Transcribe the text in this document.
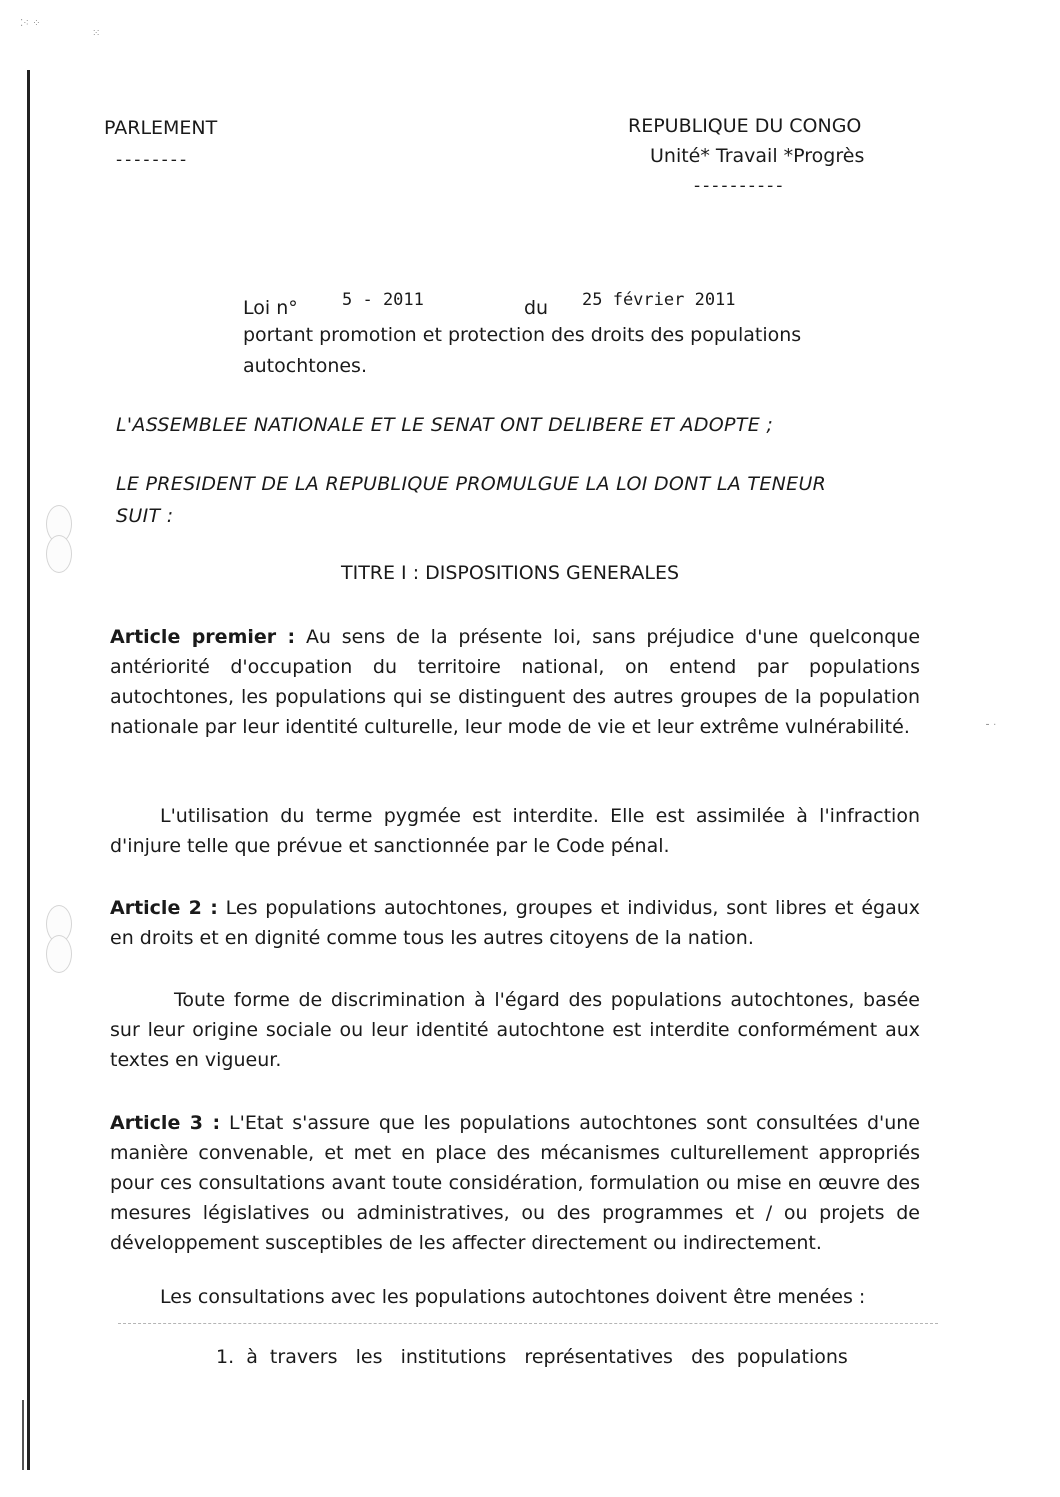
⁚⁖ ⁘
⁙
⁃ ·
PARLEMENT
--------
REPUBLIQUE DU CONGO
Unité* Travail *Progrès
----------
Loi n°	5 - 2011	du 25 février 2011
portant promotion et protection des droits des populations
autochtones.
L'ASSEMBLEE NATIONALE ET LE SENAT ONT DELIBERE ET ADOPTE ;
LE PRESIDENT DE LA REPUBLIQUE PROMULGUE LA LOI DONT LA TENEUR
SUIT :
TITRE I : DISPOSITIONS GENERALES
Article premier : Au sens de la présente loi, sans préjudice d'une quelconque antériorité d'occupation du territoire national, on entend par populations autochtones, les populations qui se distinguent des autres groupes de la population nationale par leur identité culturelle, leur mode de vie et leur extrême vulnérabilité.
L'utilisation du terme pygmée est interdite. Elle est assimilée à l'infraction d'injure telle que prévue et sanctionnée par le Code pénal.
Article 2 : Les populations autochtones, groupes et individus, sont libres et égaux en droits et en dignité comme tous les autres citoyens de la nation.
Toute forme de discrimination à l'égard des populations autochtones, basée sur leur origine sociale ou leur identité autochtone est interdite conformément aux textes en vigueur.
Article 3 : L'Etat s'assure que les populations autochtones sont consultées d'une manière convenable, et met en place des mécanismes culturellement appropriés pour ces consultations avant toute considération, formulation ou mise en œuvre des mesures législatives ou administratives, ou des programmes et / ou projets de développement susceptibles de les affecter directement ou indirectement.
Les consultations avec les populations autochtones doivent être menées :
1.  à  travers   les   institutions   représentatives   des  populations
